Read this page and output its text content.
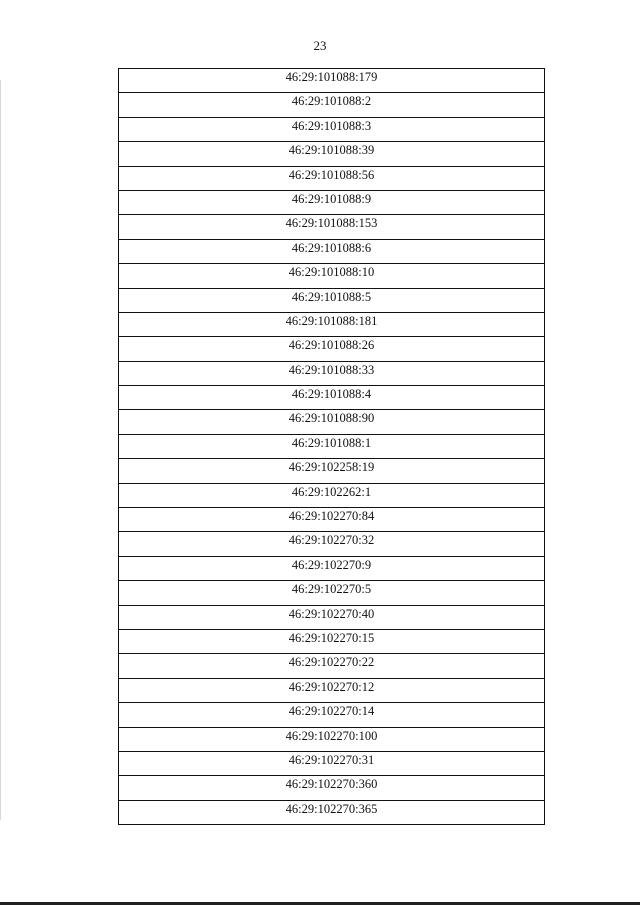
23
46:29:101088:179
46:29:101088:2
46:29:101088:3
46:29:101088:39
46:29:101088:56
46:29:101088:9
46:29:101088:153
46:29:101088:6
46:29:101088:10
46:29:101088:5
46:29:101088:181
46:29:101088:26
46:29:101088:33
46:29:101088:4
46:29:101088:90
46:29:101088:1
46:29:102258:19
46:29:102262:1
46:29:102270:84
46:29:102270:32
46:29:102270:9
46:29:102270:5
46:29:102270:40
46:29:102270:15
46:29:102270:22
46:29:102270:12
46:29:102270:14
46:29:102270:100
46:29:102270:31
46:29:102270:360
46:29:102270:365
